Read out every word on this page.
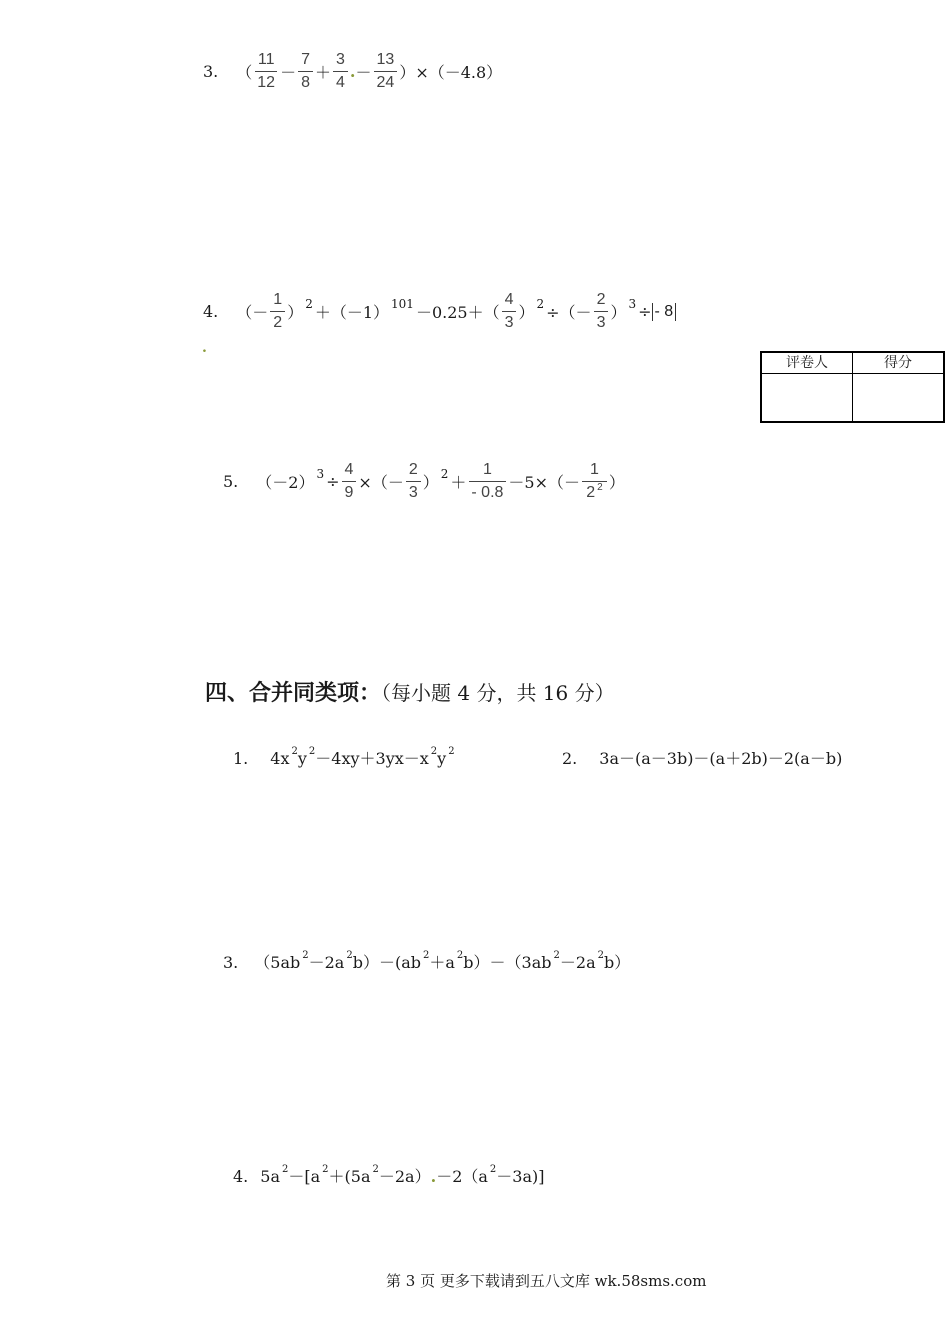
3. （ $\frac{11}{12} - \frac{7}{8} + \frac{3}{4}$ . － $\frac{13}{24} )\times(-4.8)$
4. （－ $\frac{1}{2}$ ） 2 ＋（－1） $101 -0.25+( \frac{4}{3}$ ） 2 ÷（－ $\frac{2}{3}$ ） 3 ÷ - 8
.
评卷人	得分

5. （－2） $3 \div \frac{4}{9}$ ×（－ $\frac{2}{3}$ ） $2 + \frac{1}{- 0.8} -5\times(- \frac{1}{2 ^2}$ ）
四、合并同类项：（每小题 4 分，共 16 分）
1. 4x $^2$y $^2$－4xy＋3yx－x $^2$y $^2$	2. 3a－(a－3b)－(a＋2b)－2(a－b)
3. （5ab $^2$－2a $^2$b）－(ab $^2$＋a $^2$b）－（3ab $^2$－2a $^2$b）
4. 5a $^2$－[a $^2$＋(5a $^2$－2a）.－2（a $^2$－3a)]
第 3 页 更多下载请到五八文库 wk.58sms.com
